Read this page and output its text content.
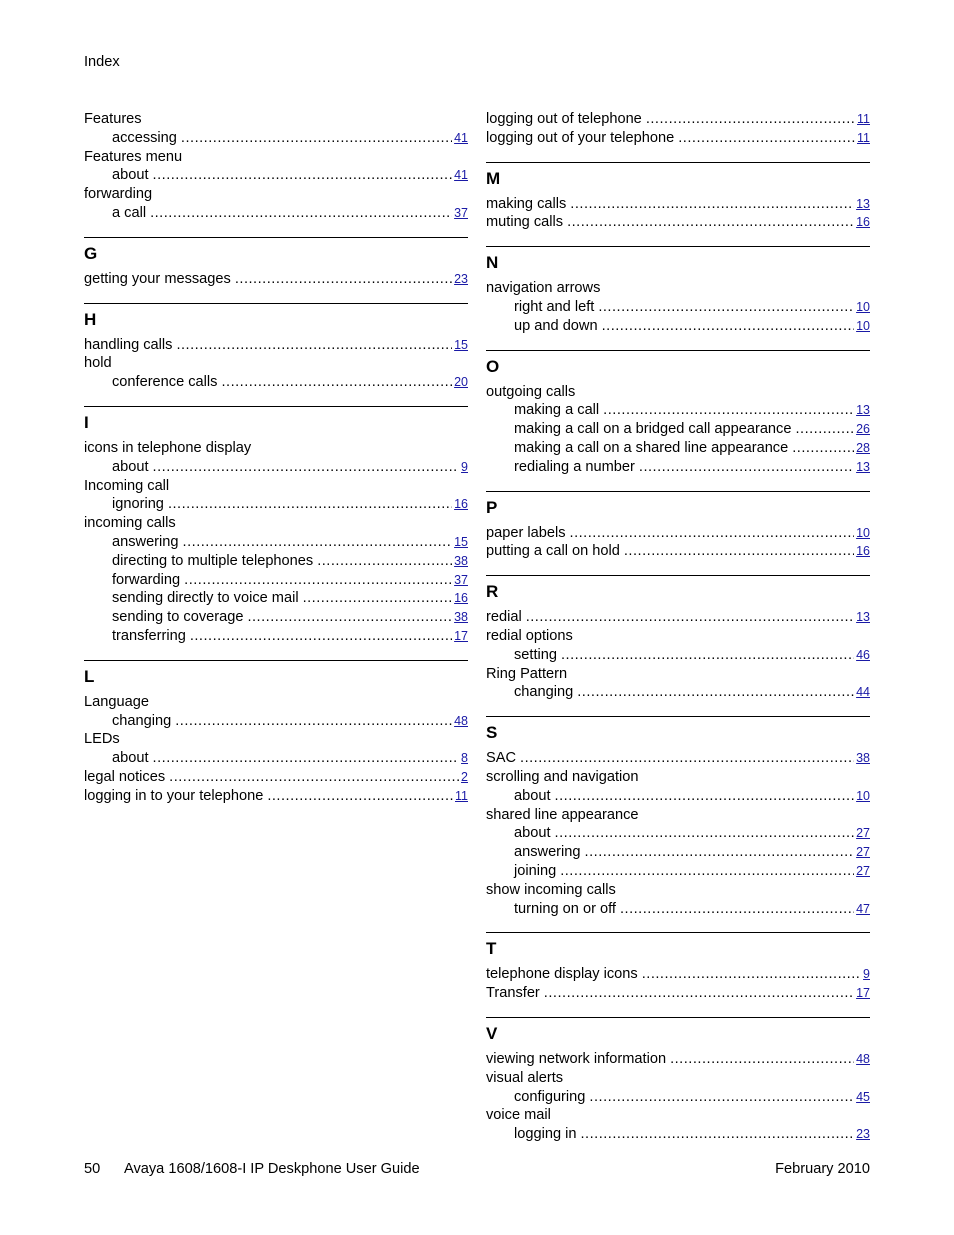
Index
Features
accessing .....	41
Features menu
about .....	41
forwarding
a call .....	37
G
getting your messages .....	23
H
handling calls .....	15
hold
conference calls .....	20
I
icons in telephone display
about .....	9
Incoming call
ignoring .....	16
incoming calls
answering .....	15
directing to multiple telephones .....	38
forwarding .....	37
sending directly to voice mail .....	16
sending to coverage .....	38
transferring .....	17
L
Language
changing .....	48
LEDs
about .....	8
legal notices .....	2
logging in to your telephone .....	11
logging out of telephone .....	11
logging out of your telephone .....	11
M
making calls .....	13
muting calls .....	16
N
navigation arrows
right and left .....	10
up and down .....	10
O
outgoing calls
making a call .....	13
making a call on a bridged call appearance .....	26
making a call on a shared line appearance .....	28
redialing a number .....	13
P
paper labels .....	10
putting a call on hold .....	16
R
redial .....	13
redial options
setting .....	46
Ring Pattern
changing .....	44
S
SAC .....	38
scrolling and navigation
about .....	10
shared line appearance
about .....	27
answering .....	27
joining .....	27
show incoming calls
turning on or off .....	47
T
telephone display icons .....	9
Transfer .....	17
V
viewing network information .....	48
visual alerts
configuring .....	45
voice mail
logging in .....	23
50 Avaya 1608/1608-I IP Deskphone User Guide	February 2010
